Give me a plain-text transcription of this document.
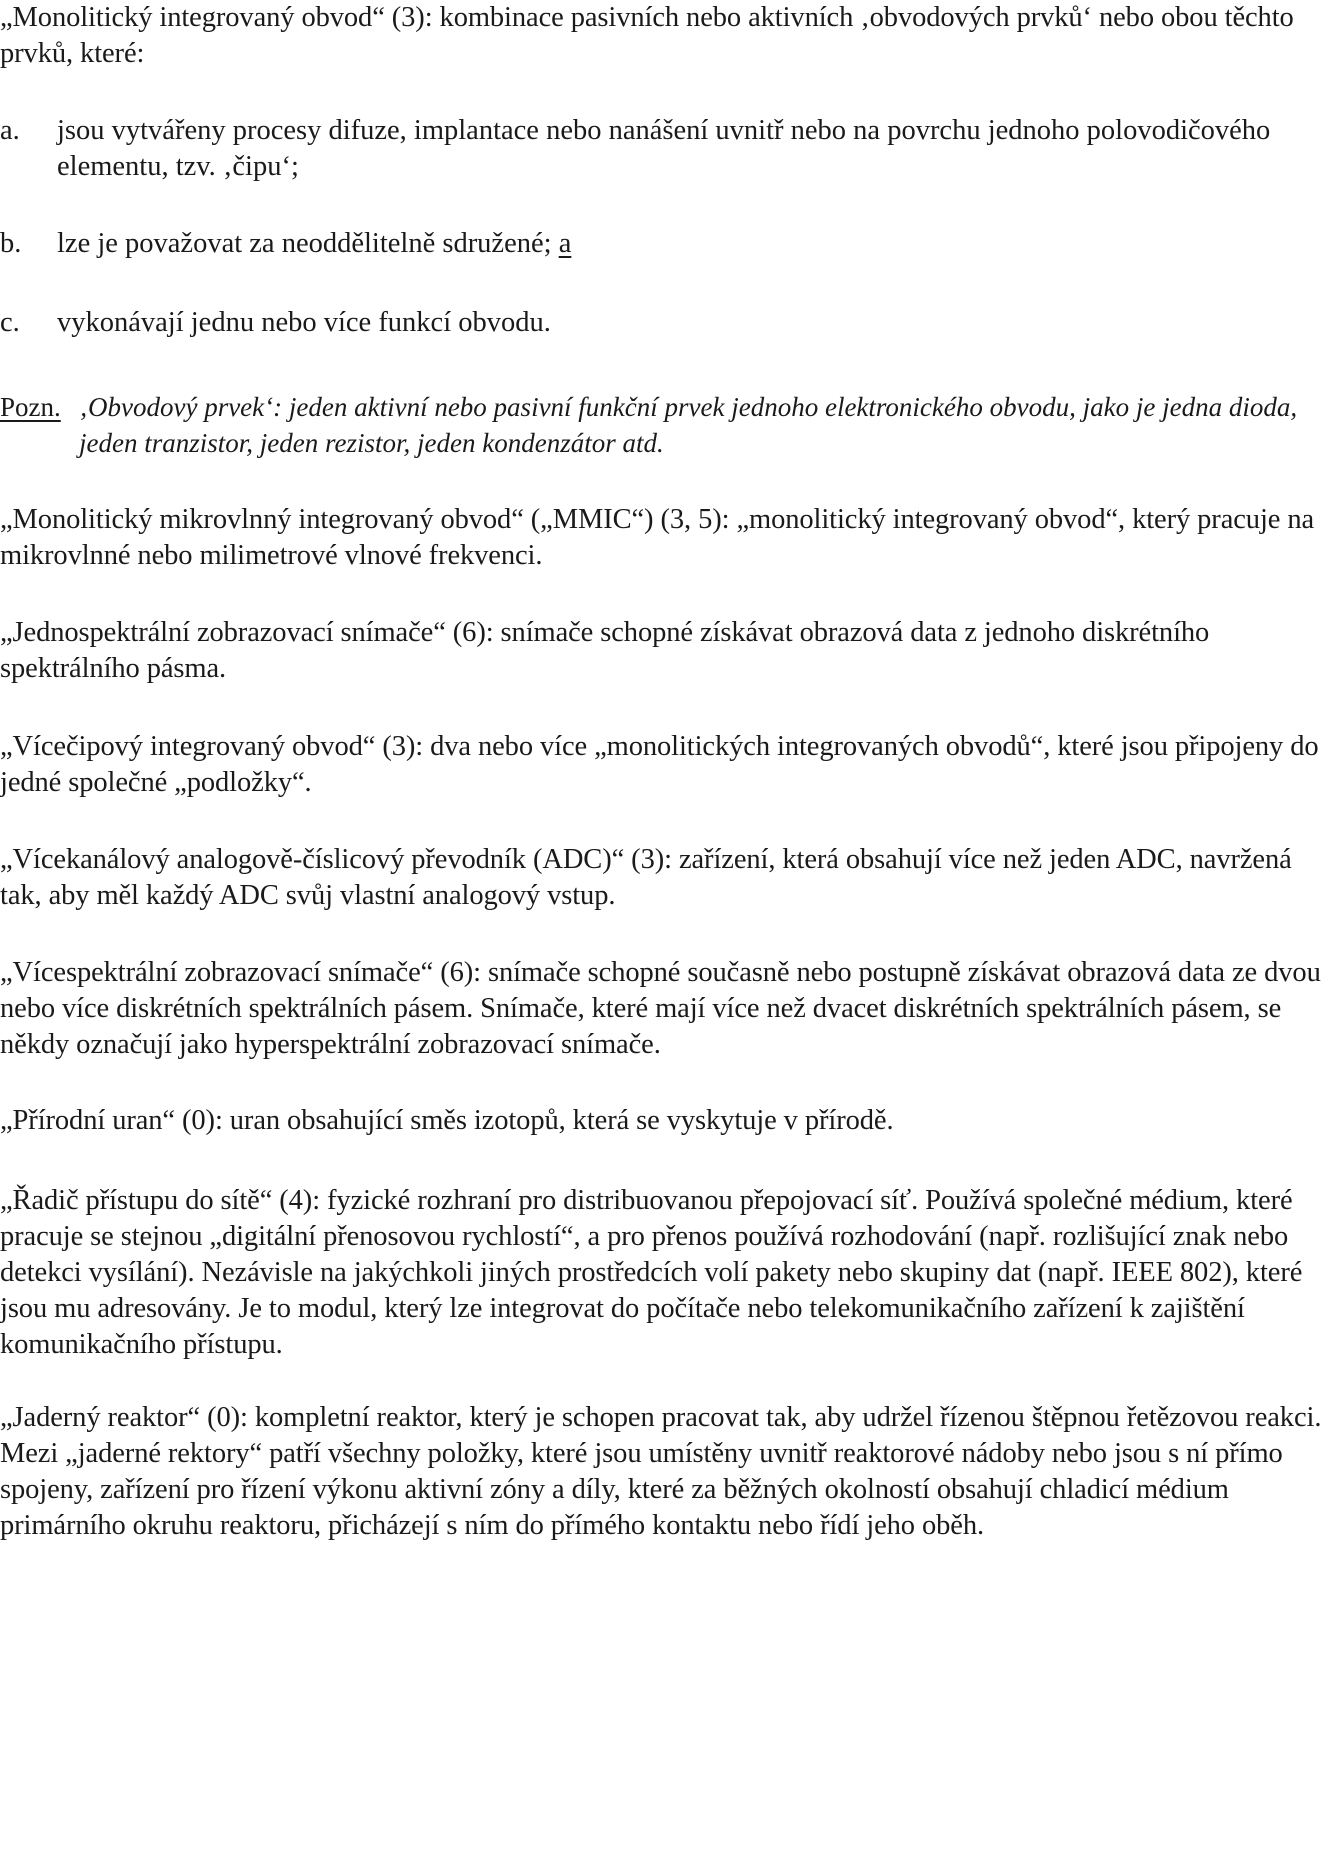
„Monolitický integrovaný obvod“ (3): kombinace pasivních nebo aktivních ‚obvodových prvků‘ nebo obou těchto prvků, které:

a. jsou vytvářeny procesy difuze, implantace nebo nanášení uvnitř nebo na povrchu jednoho polovodičového elementu, tzv. ‚čipu‘;
b. lze je považovat za neoddělitelně sdružené; a
c. vykonávají jednu nebo více funkcí obvodu.
Pozn. ‚Obvodový prvek‘: jeden aktivní nebo pasivní funkční prvek jednoho elektronického obvodu, jako je jedna dioda, jeden tranzistor, jeden rezistor, jeden kondenzátor atd.

„Monolitický mikrovlnný integrovaný obvod“ („MMIC“) (3, 5): „monolitický integrovaný obvod“, který pracuje na mikrovlnné nebo milimetrové vlnové frekvenci.

„Jednospektrální zobrazovací snímače“ (6): snímače schopné získávat obrazová data z jednoho diskrétního spektrálního pásma.

„Vícečipový integrovaný obvod“ (3): dva nebo více „monolitických integrovaných obvodů“, které jsou připojeny do jedné společné „podložky“.

„Vícekanálový analogově-číslicový převodník (ADC)“ (3): zařízení, která obsahují více než jeden ADC, navržená tak, aby měl každý ADC svůj vlastní analogový vstup.

„Vícespektrální zobrazovací snímače“ (6): snímače schopné současně nebo postupně získávat obrazová data ze dvou nebo více diskrétních spektrálních pásem. Snímače, které mají více než dvacet diskrétních spektrálních pásem, se někdy označují jako hyperspektrální zobrazovací snímače.

„Přírodní uran“ (0): uran obsahující směs izotopů, která se vyskytuje v přírodě.

„Řadič přístupu do sítě“ (4): fyzické rozhraní pro distribuovanou přepojovací síť. Používá společné médium, které pracuje se stejnou „digitální přenosovou rychlostí“, a pro přenos používá rozhodování (např. rozlišující znak nebo detekci vysílání). Nezávisle na jakýchkoli jiných prostředcích volí pakety nebo skupiny dat (např. IEEE 802), které jsou mu adresovány. Je to modul, který lze integrovat do počítače nebo telekomunikačního zařízení k zajištění komunikačního přístupu.

„Jaderný reaktor“ (0): kompletní reaktor, který je schopen pracovat tak, aby udržel řízenou štěpnou řetězovou reakci. Mezi „jaderné rektory“ patří všechny položky, které jsou umístěny uvnitř reaktorové nádoby nebo jsou s ní přímo spojeny, zařízení pro řízení výkonu aktivní zóny a díly, které za běžných okolností obsahují chladicí médium primárního okruhu reaktoru, přicházejí s ním do přímého kontaktu nebo řídí jeho oběh.
